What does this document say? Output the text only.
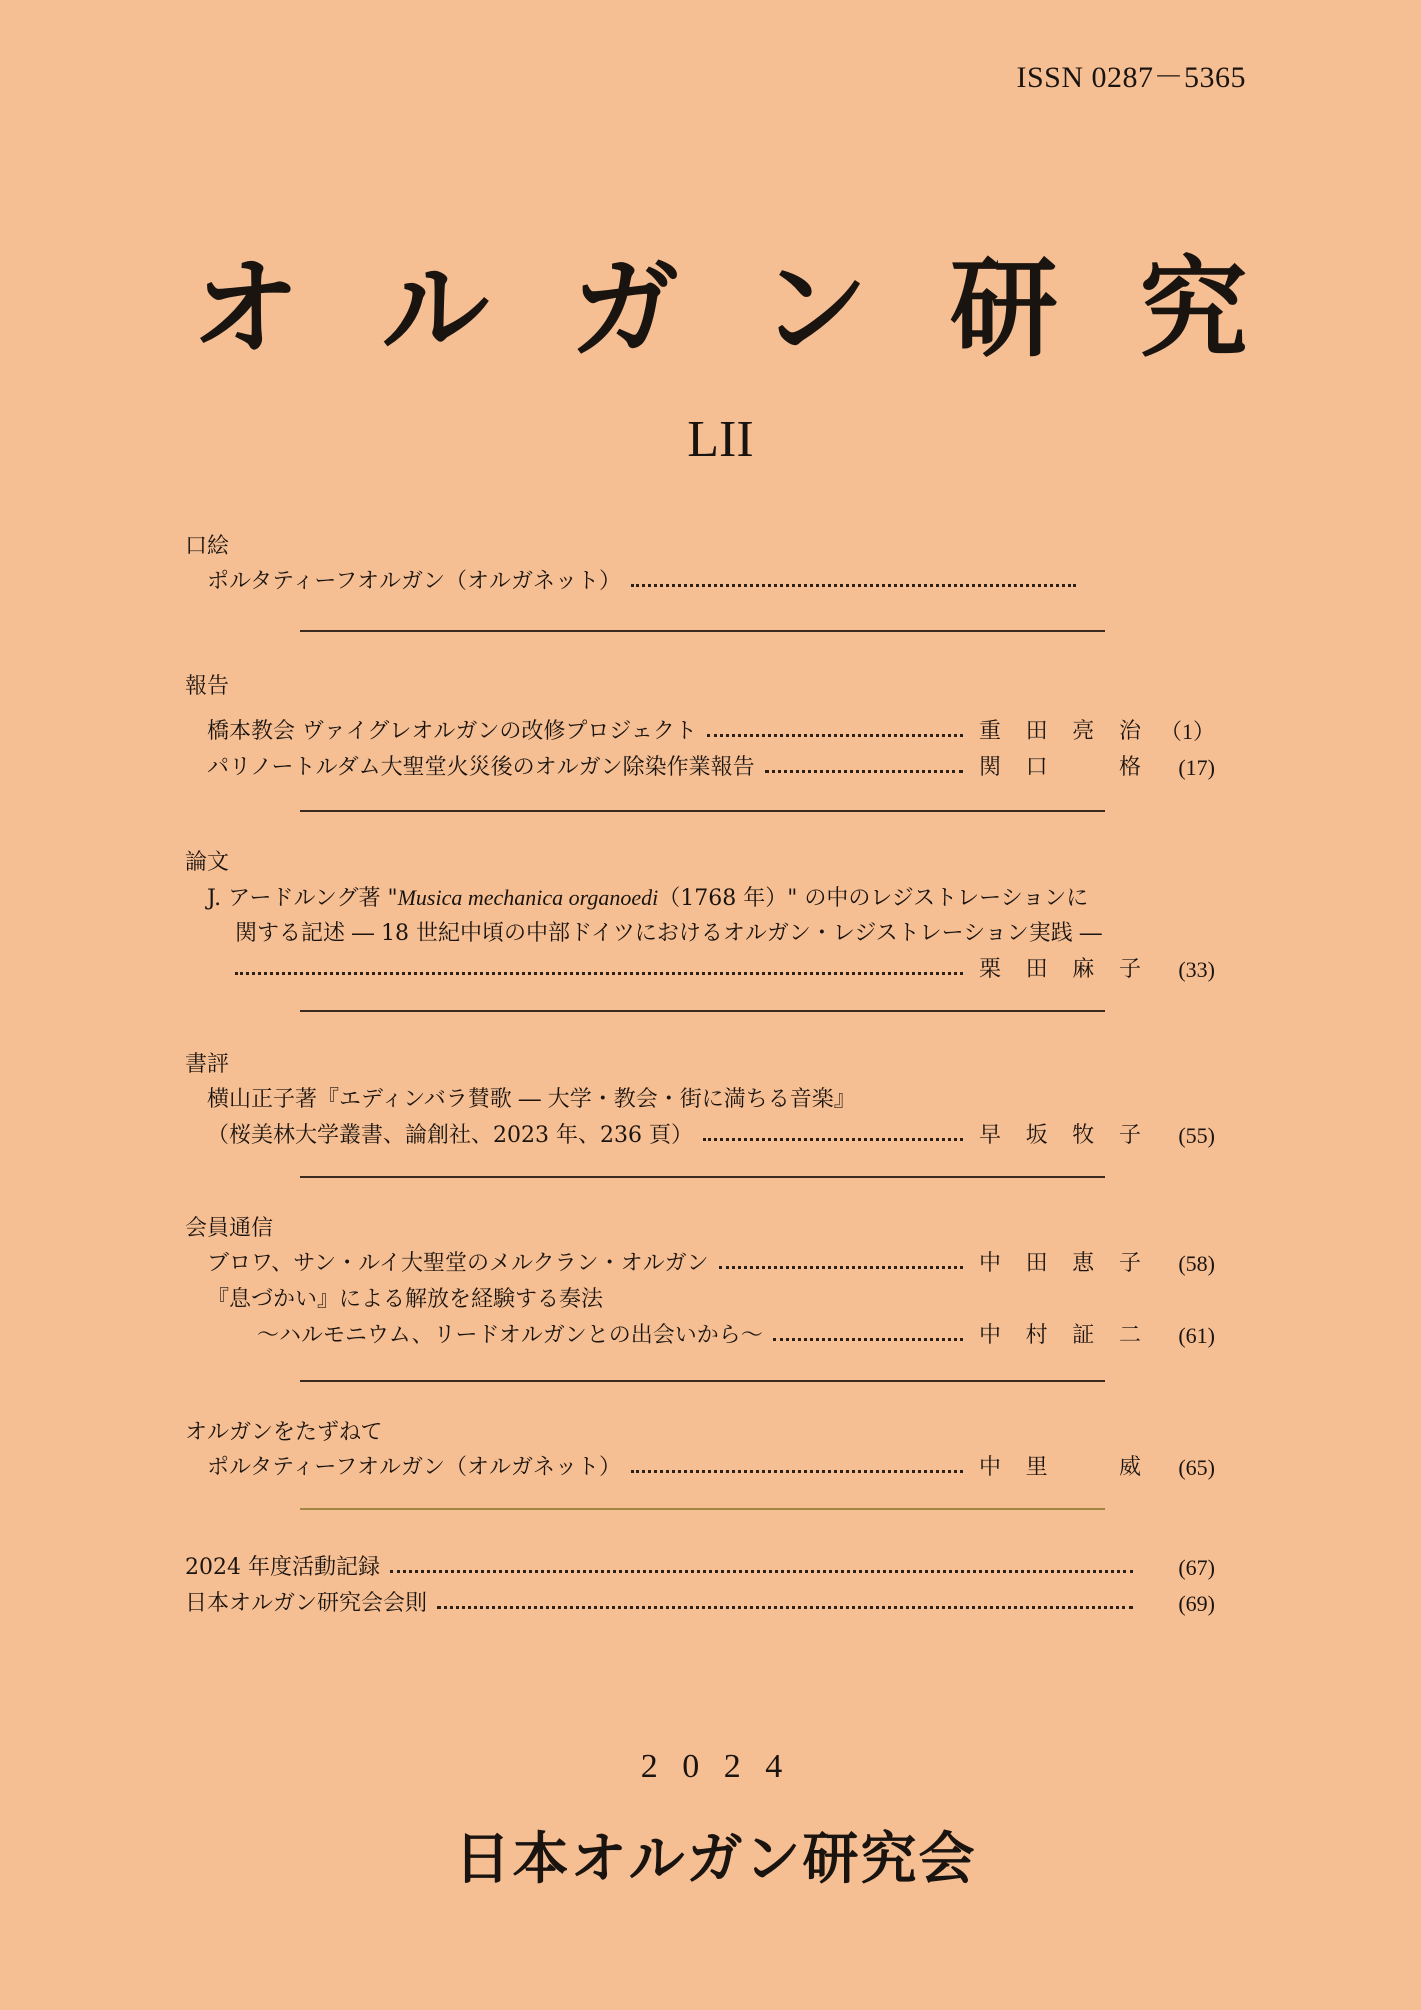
ISSN 0287－5365
オ ル ガ ン 研 究
LII
口絵
ポルタティーフオルガン（オルガネット）
報告
橋本教会 ヴァイグレオルガンの改修プロジェクト	重 田 亮 治 （1）
パリノートルダム大聖堂火災後のオルガン除染作業報告	関 口	格	(17)
論文
J. アードルング著 "Musica mechanica organoedi（1768 年）" の中のレジストレーションに
関する記述 ― 18 世紀中頃の中部ドイツにおけるオルガン・レジストレーション実践 ―
栗 田 麻 子	(33)
書評
横山正子著『エディンバラ賛歌 ― 大学・教会・街に満ちる音楽』
（桜美林大学叢書、論創社、2023 年、236 頁）	早 坂 牧 子	(55)
会員通信
ブロワ、サン・ルイ大聖堂のメルクラン・オルガン	中 田 恵 子	(58)
『息づかい』による解放を経験する奏法
～ハルモニウム、リードオルガンとの出会いから～	中 村 証 二	(61)
オルガンをたずねて
ポルタティーフオルガン（オルガネット）	中 里	威	(65)
2024 年度活動記録	(67)
日本オルガン研究会会則	(69)
2 0 2 4
日本オルガン研究会
